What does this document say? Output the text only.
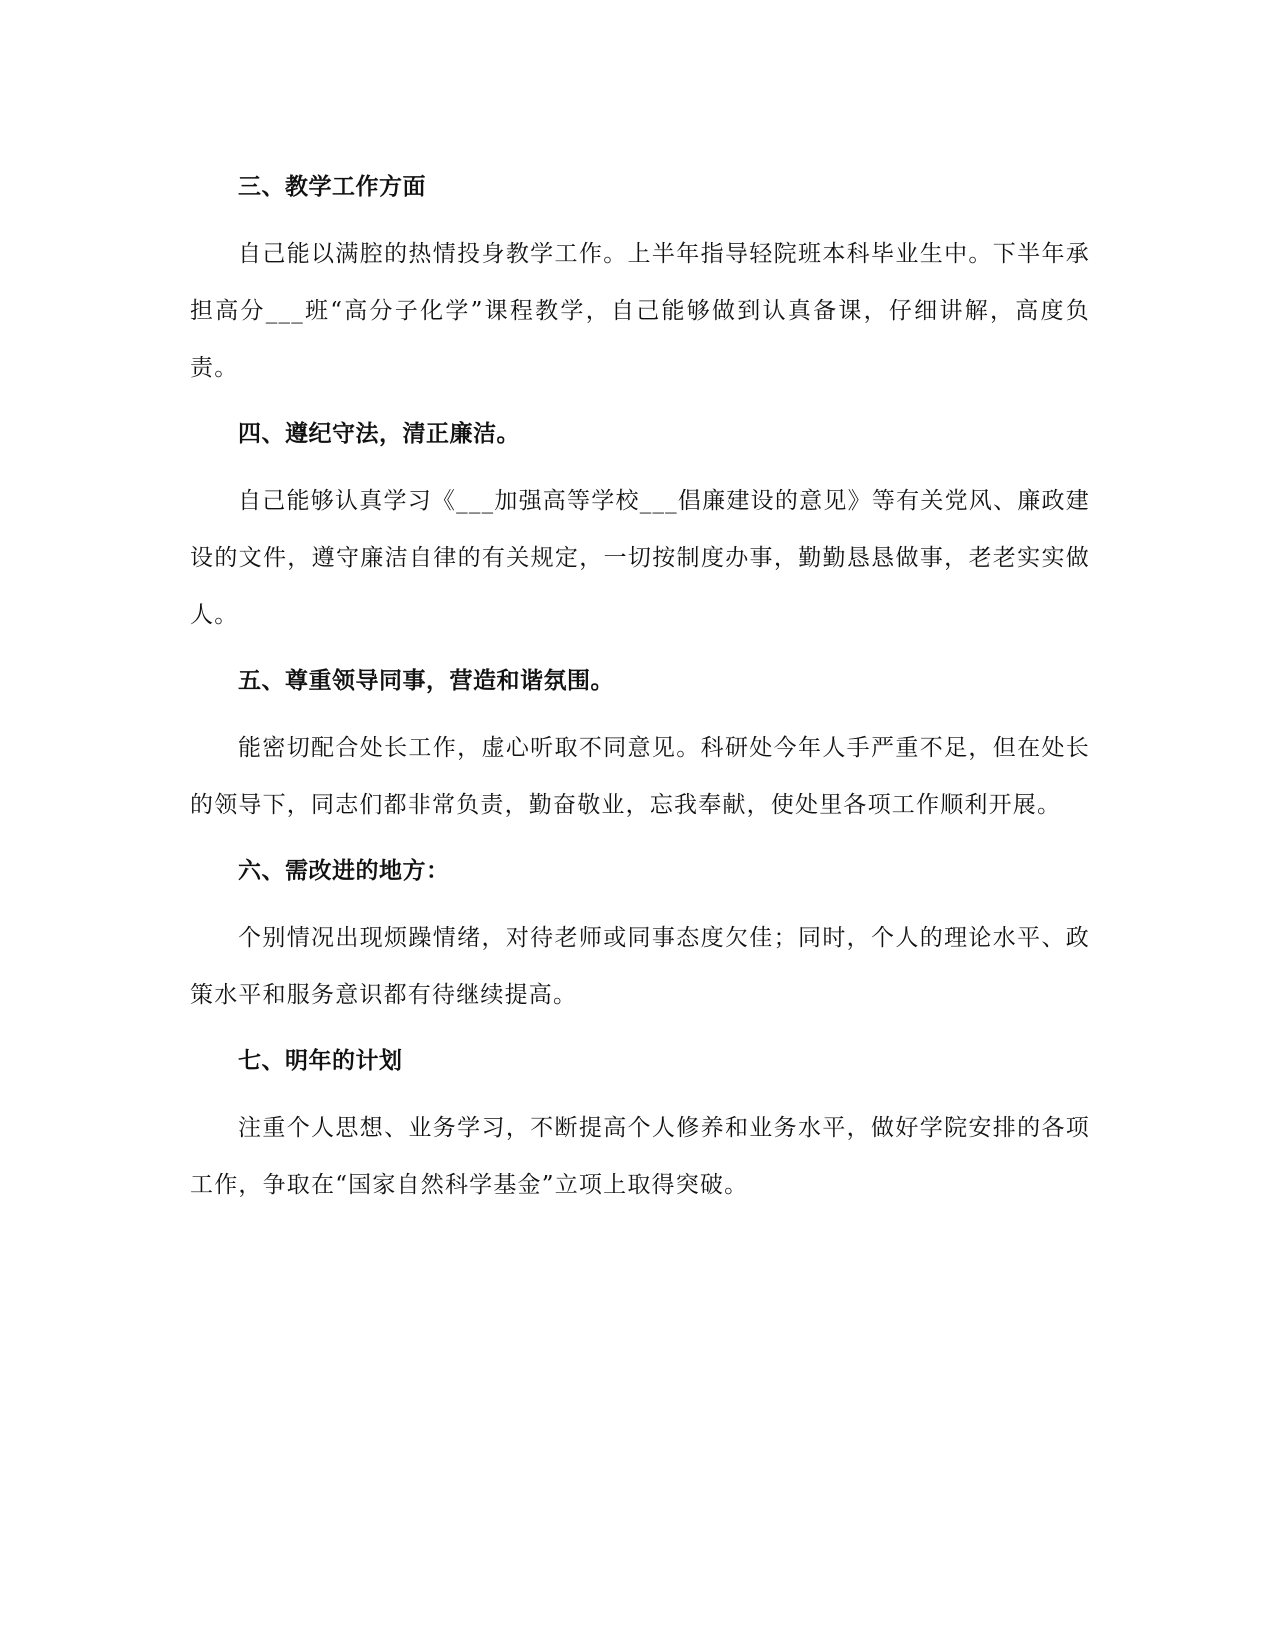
三、教学工作方面

自己能以满腔的热情投身教学工作。上半年指导轻院班本科毕业生中。下半年承担高分___班“高分子化学”课程教学，自己能够做到认真备课，仔细讲解，高度负责。

四、遵纪守法，清正廉洁。

自己能够认真学习《___加强高等学校___倡廉建设的意见》等有关党风、廉政建设的文件，遵守廉洁自律的有关规定，一切按制度办事，勤勤恳恳做事，老老实实做人。

五、尊重领导同事，营造和谐氛围。

能密切配合处长工作，虚心听取不同意见。科研处今年人手严重不足，但在处长的领导下，同志们都非常负责，勤奋敬业，忘我奉献，使处里各项工作顺利开展。

六、需改进的地方：

个别情况出现烦躁情绪，对待老师或同事态度欠佳；同时，个人的理论水平、政策水平和服务意识都有待继续提高。

七、明年的计划

注重个人思想、业务学习，不断提高个人修养和业务水平，做好学院安排的各项工作，争取在“国家自然科学基金”立项上取得突破。
